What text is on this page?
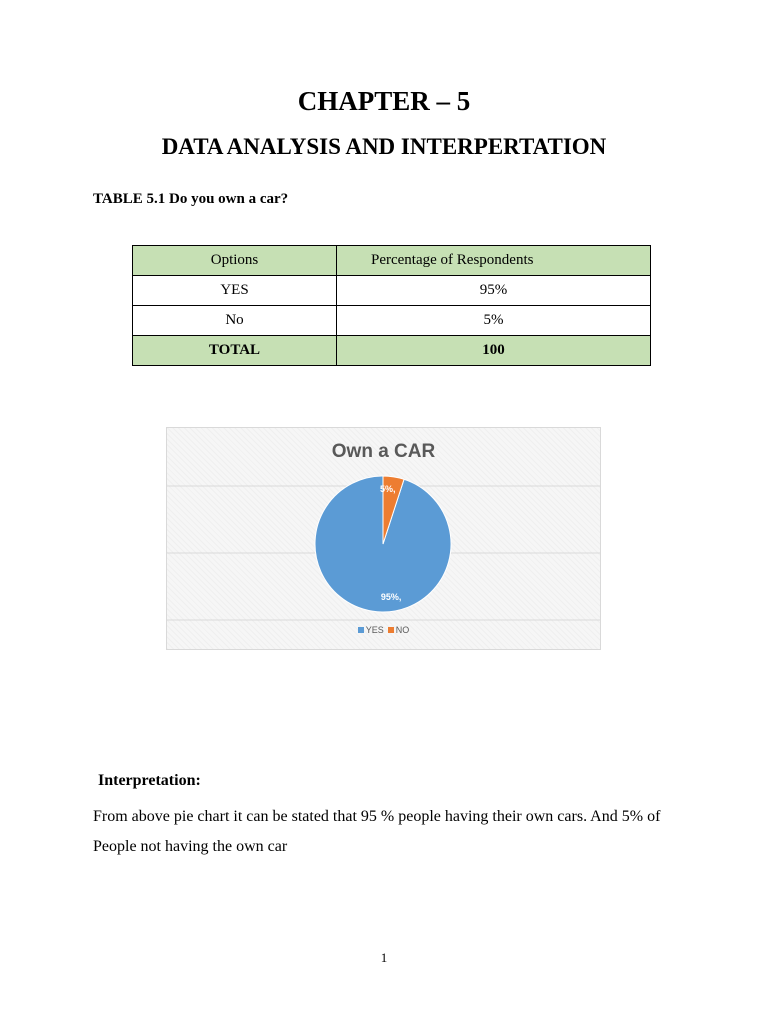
CHAPTER – 5
DATA ANALYSIS AND INTERPERTATION
TABLE 5.1 Do you own a car?
Options	Percentage of Respondents
YES	95%
No	5%
TOTAL	100
95%,
5%,
Own a CAR
YES NO
Interpretation:
From above pie chart it can be stated that 95 % people having their own cars. And 5% of People not having the own car
1
